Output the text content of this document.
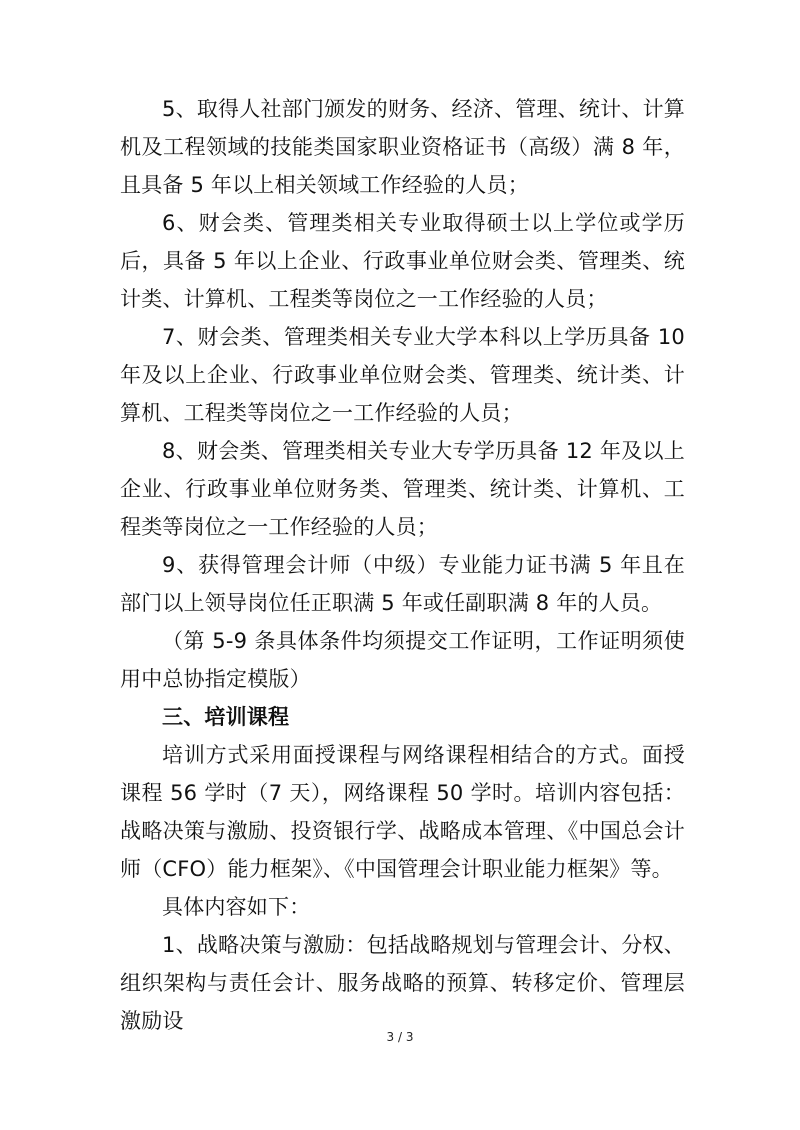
5、取得人社部门颁发的财务、经济、管理、统计、计算机及工程领域的技能类国家职业资格证书（高级）满 8 年，且具备 5 年以上相关领域工作经验的人员；

6、财会类、管理类相关专业取得硕士以上学位或学历后，具备 5 年以上企业、行政事业单位财会类、管理类、统计类、计算机、工程类等岗位之一工作经验的人员；

7、财会类、管理类相关专业大学本科以上学历具备 10 年及以上企业、行政事业单位财会类、管理类、统计类、计算机、工程类等岗位之一工作经验的人员；

8、财会类、管理类相关专业大专学历具备 12 年及以上企业、行政事业单位财务类、管理类、统计类、计算机、工程类等岗位之一工作经验的人员；

9、获得管理会计师（中级）专业能力证书满 5 年且在部门以上领导岗位任正职满 5 年或任副职满 8 年的人员。

（第 5-9 条具体条件均须提交工作证明，工作证明须使用中总协指定模版）

三、培训课程

培训方式采用面授课程与网络课程相结合的方式。面授课程 56 学时（7 天），网络课程 50 学时。培训内容包括：战略决策与激励、投资银行学、战略成本管理、《中国总会计师（CFO）能力框架》、《中国管理会计职业能力框架》等。

具体内容如下：

1、战略决策与激励：包括战略规划与管理会计、分权、组织架构与责任会计、服务战略的预算、转移定价、管理层激励设

3 / 3
